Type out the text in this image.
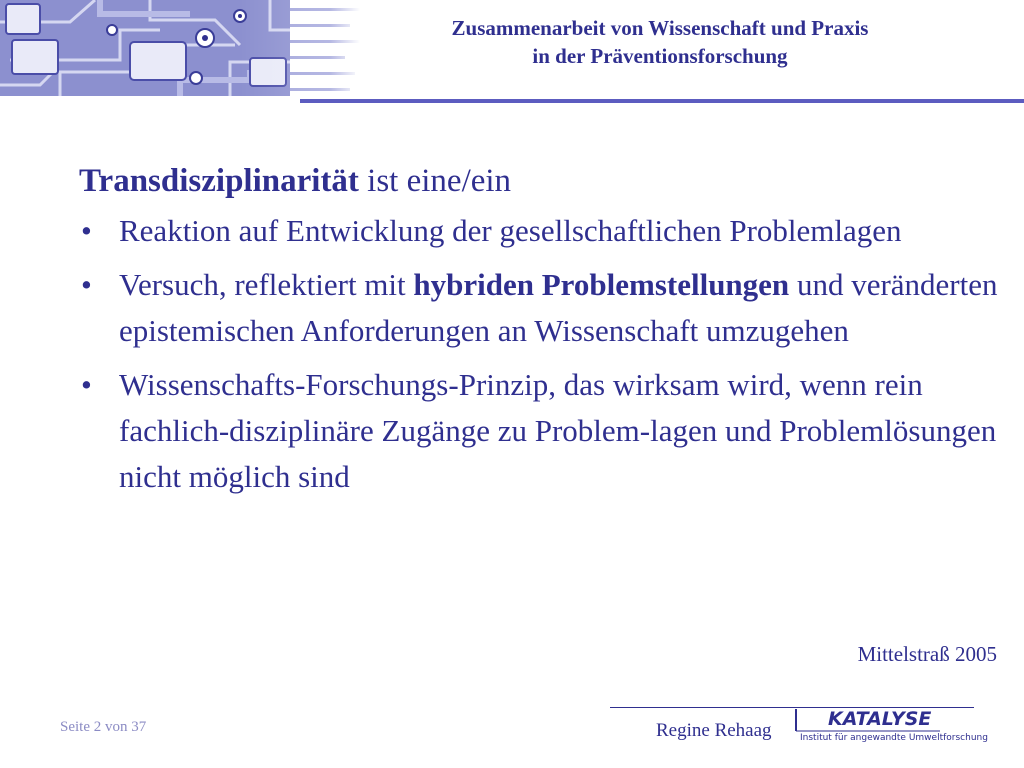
Zusammenarbeit von Wissenschaft und Praxis
in der Präventionsforschung

Transdisziplinarität ist eine/ein

• Reaktion auf Entwicklung der gesellschaftlichen Problemlagen
• Versuch, reflektiert mit hybriden Problemstellungen und veränderten epistemischen Anforderungen an Wissenschaft umzugehen
• Wissenschafts-Forschungs-Prinzip, das wirksam wird, wenn rein fachlich-disziplinäre Zugänge zu Problem-lagen und Problemlösungen nicht möglich sind
Mittelstraß 2005
Seite 2 von 37	Regine Rehaag
KATALYSE
Institut für angewandte Umweltforschung
